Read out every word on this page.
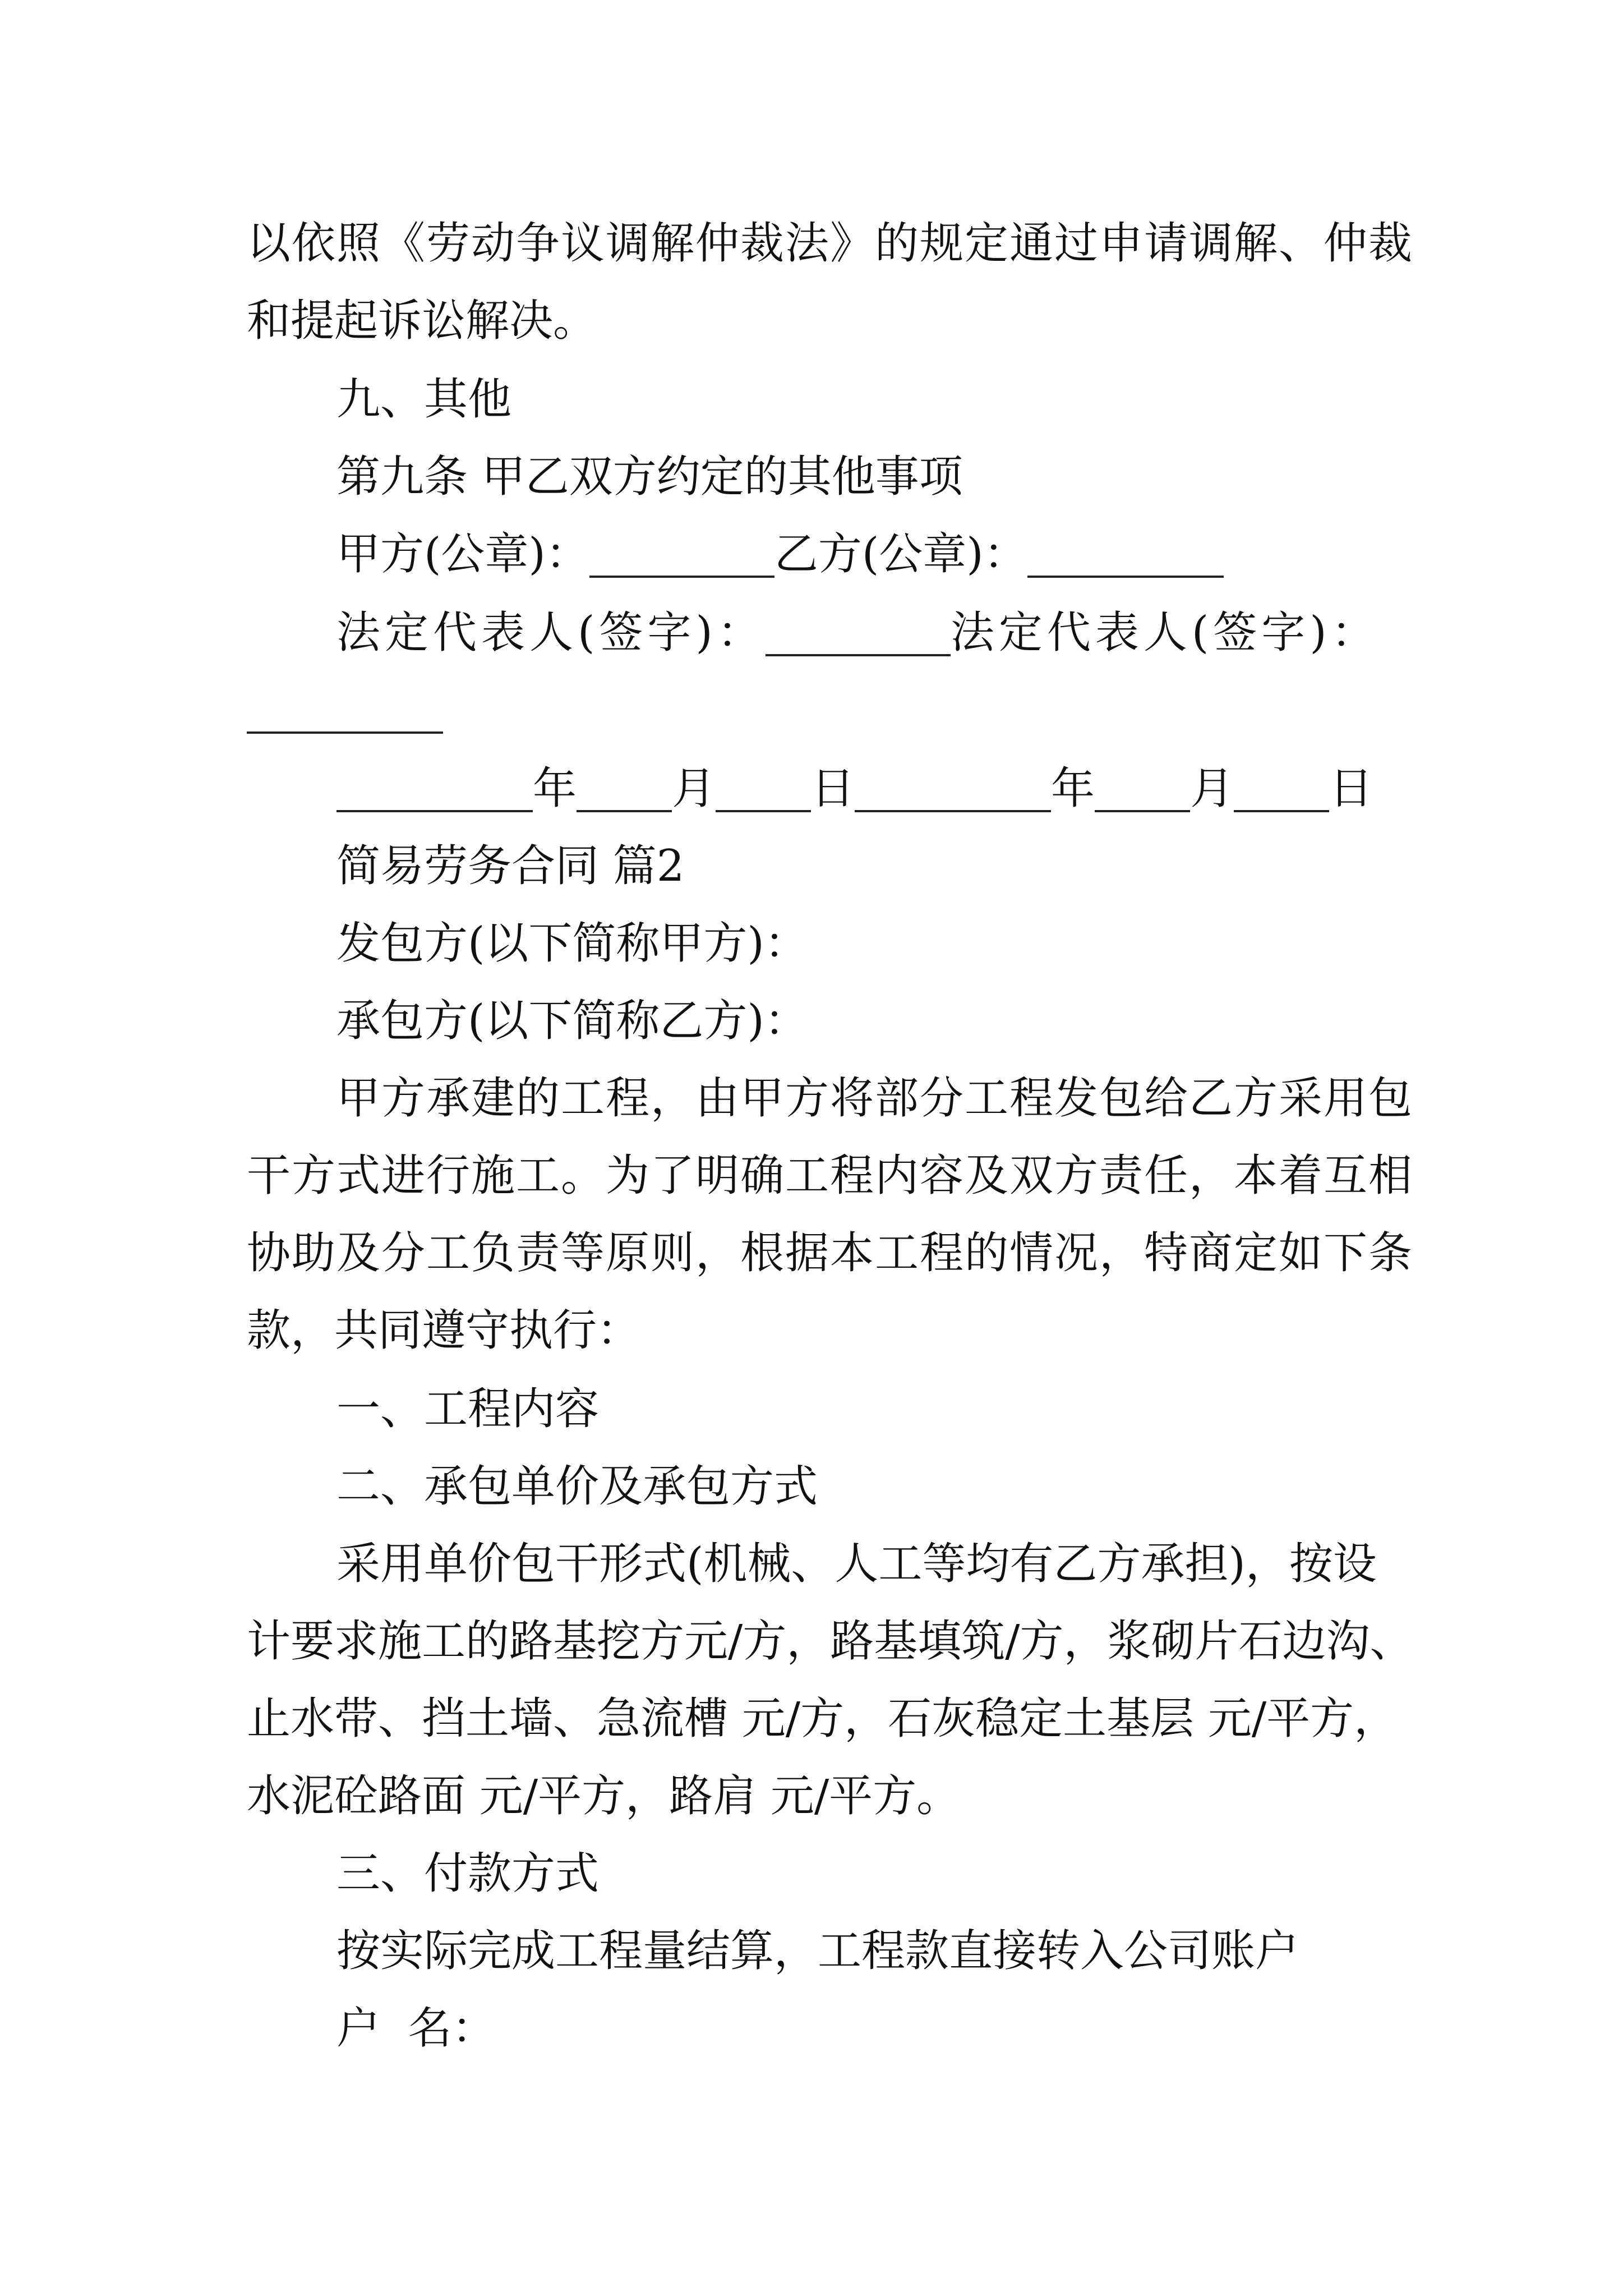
以依照《劳动争议调解仲裁法》的规定通过申请调解、仲裁
和提起诉讼解决。
九、其他
第九条 甲乙双方约定的其他事项
甲方(公章)：	乙方(公章)：
法定代表人(签字)：	法定代表人(签字)：
年 月 日	年 月 日
简易劳务合同 篇2
发包方(以下简称甲方)：
承包方(以下简称乙方)：
甲方承建的工程，由甲方将部分工程发包给乙方采用包
干方式进行施工。为了明确工程内容及双方责任，本着互相
协助及分工负责等原则，根据本工程的情况，特商定如下条
款，共同遵守执行：
一、工程内容
二、承包单价及承包方式
采用单价包干形式(机械、人工等均有乙方承担)，按设
计要求施工的路基挖方元/方，路基填筑/方，浆砌片石边沟、
止水带、挡土墙、急流槽 元/方，石灰稳定土基层 元/平方，
水泥砼路面 元/平方，路肩 元/平方。
三、付款方式
按实际完成工程量结算，工程款直接转入公司账户
户  名：
